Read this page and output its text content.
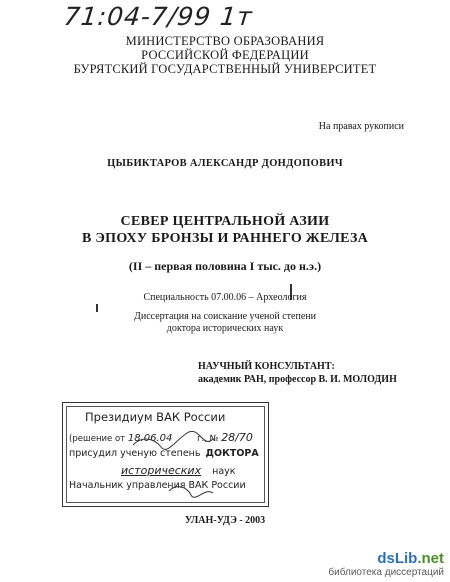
71:04-7/99 1т
МИНИСТЕРСТВО ОБРАЗОВАНИЯ
РОССИЙСКОЙ ФЕДЕРАЦИИ
БУРЯТСКИЙ ГОСУДАРСТВЕННЫЙ УНИВЕРСИТЕТ
На правах рукописи
ЦЫБИКТАРОВ АЛЕКСАНДР ДОНДОПОВИЧ
СЕВЕР ЦЕНТРАЛЬНОЙ АЗИИ
В ЭПОХУ БРОНЗЫ И РАННЕГО ЖЕЛЕЗА
(II – первая половина I тыс. до н.э.)
Специальность 07.00.06 – Археология
Диссертация на соискание ученой степени
доктора исторических наук
НАУЧНЫЙ КОНСУЛЬТАНТ:
академик РАН, профессор В. И. МОЛОДИН
Президиум ВАК России
(решение от 18.06.04	г., № 28/70
присудил ученую степень ДОКТОРА
исторических наук
Начальник управления ВАК России
УЛАН-УДЭ - 2003
dsLib.net
библиотека диссертаций
